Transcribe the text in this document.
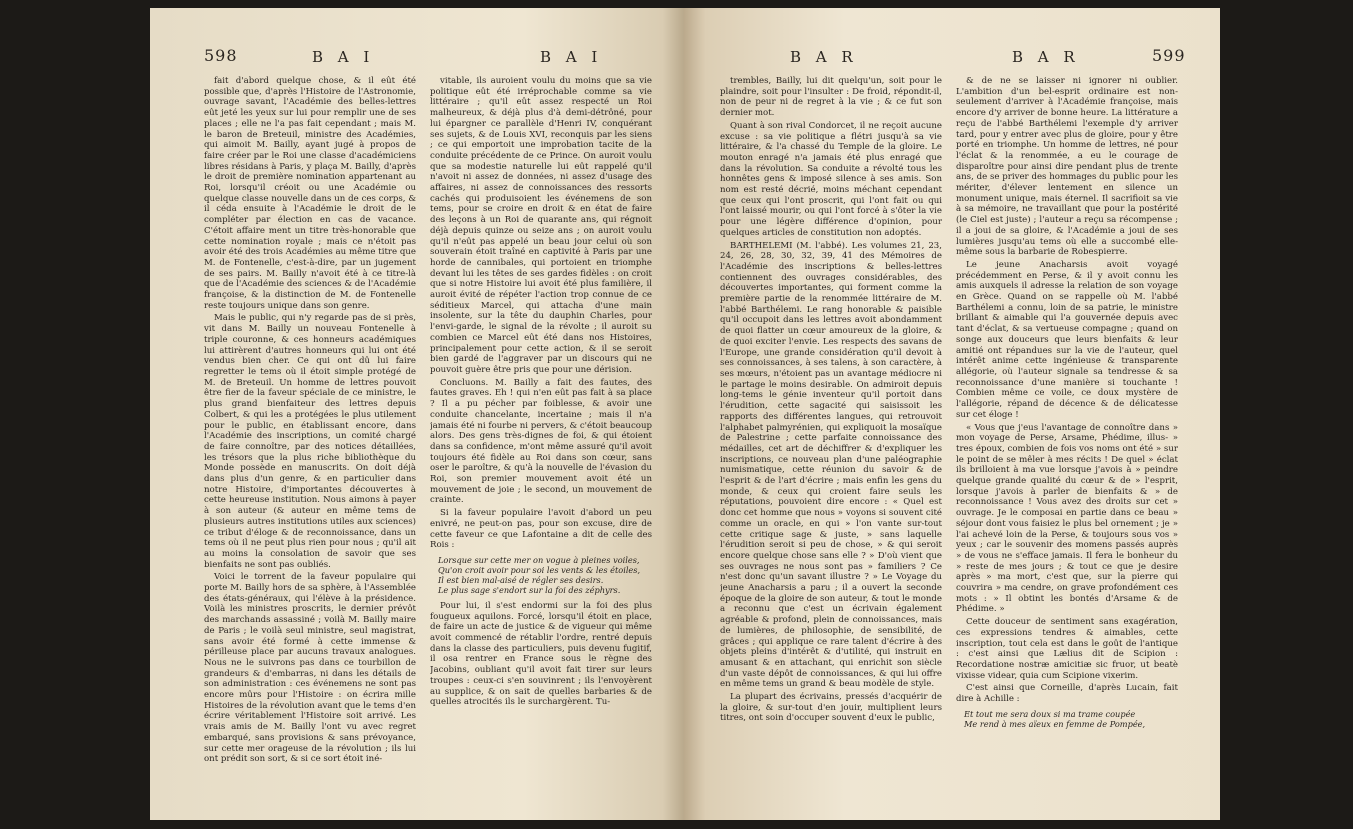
598	B A I	B A I

fait d'abord quelque chose, & il eût été possible que, d'après l'Histoire de l'Astronomie, ouvrage savant, l'Académie des belles-lettres eût jeté les yeux sur lui pour remplir une de ses places ; elle ne l'a pas fait cependant ; mais M. le baron de Breteuil, ministre des Académies, qui aimoit M. Bailly, ayant jugé à propos de faire créer par le Roi une classe d'académiciens libres résidans à Paris, y plaça M. Bailly, d'après le droit de première nomination appartenant au Roi, lorsqu'il créoit ou une Académie ou quelque classe nouvelle dans un de ces corps, & il céda ensuite à l'Académie le droit de le compléter par élection en cas de vacance. C'étoit affaire ment un titre très-honorable que cette nomination royale ; mais ce n'étoit pas avoir été des trois Académies au même titre que M. de Fontenelle, c'est-à-dire, par un jugement de ses pairs. M. Bailly n'avoit été à ce titre-là que de l'Académie des sciences & de l'Académie françoise, & la distinction de M. de Fontenelle reste toujours unique dans son genre.

Mais le public, qui n'y regarde pas de si près, vit dans M. Bailly un nouveau Fontenelle à triple couronne, & ces honneurs académiques lui attirèrent d'autres honneurs qui lui ont été vendus bien cher. Ce qui ont dû lui faire regretter le tems où il étoit simple protégé de M. de Breteuil. Un homme de lettres pouvoit être fier de la faveur spéciale de ce ministre, le plus grand bienfaiteur des lettres depuis Colbert, & qui les a protégées le plus utilement pour le public, en établissant encore, dans l'Académie des inscriptions, un comité chargé de faire connoître, par des notices détaillées, les trésors que la plus riche bibliothèque du Monde possède en manuscrits. On doit déjà dans plus d'un genre, & en particulier dans notre Histoire, d'importantes découvertes à cette heureuse institution. Nous aimons à payer à son auteur (& auteur en même tems de plusieurs autres institutions utiles aux sciences) ce tribut d'éloge & de reconnoissance, dans un tems où il ne peut plus rien pour nous ; qu'il ait au moins la consolation de savoir que ses bienfaits ne sont pas oubliés.

Voici le torrent de la faveur populaire qui porte M. Bailly hors de sa sphère, à l'Assemblée des états-généraux, qui l'élève à la présidence. Voilà les ministres proscrits, le dernier prévôt des marchands assassiné ; voilà M. Bailly maire de Paris ; le voilà seul ministre, seul magistrat, sans avoir été formé à cette immense & périlleuse place par aucuns travaux analogues. Nous ne le suivrons pas dans ce tourbillon de grandeurs & d'embarras, ni dans les détails de son administration : ces événemens ne sont pas encore mûrs pour l'Histoire : on écrira mille Histoires de la révolution avant que le tems d'en écrire véritablement l'Histoire soit arrivé. Les vrais amis de M. Bailly l'ont vu avec regret embarqué, sans provisions & sans prévoyance, sur cette mer orageuse de la révolution ; ils lui ont prédit son sort, & si ce sort étoit iné-

vitable, ils auroient voulu du moins que sa vie politique eût été irréprochable comme sa vie littéraire ; qu'il eût assez respecté un Roi malheureux, & déjà plus d'à demi-détrôné, pour lui épargner ce parallèle d'Henri IV, conquérant ses sujets, & de Louis XVI, reconquis par les siens ; ce qui emportoit une improbation tacite de la conduite précédente de ce Prince. On auroit voulu que sa modestie naturelle lui eût rappelé qu'il n'avoit ni assez de données, ni assez d'usage des affaires, ni assez de connoissances des ressorts cachés qui produisoient les événemens de son tems, pour se croire en droit & en état de faire des leçons à un Roi de quarante ans, qui régnoit déjà depuis quinze ou seize ans ; on auroit voulu qu'il n'eût pas appelé un beau jour celui où son souverain étoit traîné en captivité à Paris par une horde de cannibales, qui portoient en triomphe devant lui les têtes de ses gardes fidèles : on croit que si notre Histoire lui avoit été plus familière, il auroit évité de répéter l'action trop connue de ce séditieux Marcel, qui attacha d'une main insolente, sur la tête du dauphin Charles, pour l'envi-garde, le signal de la révolte ; il auroit su combien ce Marcel eût été dans nos Histoires, principalement pour cette action, & il se seroit bien gardé de l'aggraver par un discours qui ne pouvoit guère être pris que pour une dérision.

Concluons. M. Bailly a fait des fautes, des fautes graves. Eh ! qui n'en eût pas fait à sa place ? Il a pu pécher par foiblesse, & avoir une conduite chancelante, incertaine ; mais il n'a jamais été ni fourbe ni pervers, & c'étoit beaucoup alors. Des gens très-dignes de foi, & qui étoient dans sa confidence, m'ont même assuré qu'il avoit toujours été fidèle au Roi dans son cœur, sans oser le paroître, & qu'à la nouvelle de l'évasion du Roi, son premier mouvement avoit été un mouvement de joie ; le second, un mouvement de crainte.

Si la faveur populaire l'avoit d'abord un peu enivré, ne peut-on pas, pour son excuse, dire de cette faveur ce que Lafontaine a dit de celle des Rois :

Lorsque sur cette mer on vogue à pleines voiles,
Qu'on croit avoir pour soi les vents & les étoiles,
Il est bien mal-aisé de régler ses desirs.
Le plus sage s'endort sur la foi des zéphyrs.

Pour lui, il s'est endormi sur la foi des plus fougueux aquilons. Forcé, lorsqu'il étoit en place, de faire un acte de justice & de vigueur qui même avoit commencé de rétablir l'ordre, rentré depuis dans la classe des particuliers, puis devenu fugitif, il osa rentrer en France sous le règne des Jacobins, oubliant qu'il avoit fait tirer sur leurs troupes : ceux-ci s'en souvinrent ; ils l'envoyèrent au supplice, & on sait de quelles barbaries & de quelles atrocités ils le surchargèrent. Tu-

B A R	B A R	599

trembles, Bailly, lui dit quelqu'un, soit pour le plaindre, soit pour l'insulter : De froid, répondit-il, non de peur ni de regret à la vie ; & ce fut son dernier mot.

Quant à son rival Condorcet, il ne reçoit aucune excuse : sa vie politique a flétri jusqu'à sa vie littéraire, & l'a chassé du Temple de la gloire. Le mouton enragé n'a jamais été plus enragé que dans la révolution. Sa conduite a révolté tous les honnêtes gens & imposé silence à ses amis. Son nom est resté décrié, moins méchant cependant que ceux qui l'ont proscrit, qui l'ont fait ou qui l'ont laissé mourir, ou qui l'ont forcé à s'ôter la vie pour une légère différence d'opinion, pour quelques articles de constitution non adoptés.

BARTHELEMI (M. l'abbé). Les volumes 21, 23, 24, 26, 28, 30, 32, 39, 41 des Mémoires de l'Académie des inscriptions & belles-lettres contiennent des ouvrages considérables, des découvertes importantes, qui forment comme la première partie de la renommée littéraire de M. l'abbé Barthélemi. Le rang honorable & paisible qu'il occupoit dans les lettres avoit abondamment de quoi flatter un cœur amoureux de la gloire, & de quoi exciter l'envie. Les respects des savans de l'Europe, une grande considération qu'il devoit à ses connoissances, à ses talens, à son caractère, à ses mœurs, n'étoient pas un avantage médiocre ni le partage le moins desirable. On admiroit depuis long-tems le génie inventeur qu'il portoit dans l'érudition, cette sagacité qui saisissoit les rapports des différentes langues, qui retrouvoit l'alphabet palmyrénien, qui expliquoit la mosaïque de Palestrine ; cette parfaite connoissance des médailles, cet art de déchiffrer & d'expliquer les inscriptions, ce nouveau plan d'une paléographie numismatique, cette réunion du savoir & de l'esprit & de l'art d'écrire ; mais enfin les gens du monde, & ceux qui croient faire seuls les réputations, pouvoient dire encore : « Quel est donc cet homme que nous » voyons si souvent cité comme un oracle, en qui » l'on vante sur-tout cette critique sage & juste, » sans laquelle l'érudition seroit si peu de chose, » & qui seroit encore quelque chose sans elle ? » D'où vient que ses ouvrages ne nous sont pas » familiers ? Ce n'est donc qu'un savant illustre ? » Le Voyage du jeune Anacharsis a paru ; il a ouvert la seconde époque de la gloire de son auteur, & tout le monde a reconnu que c'est un écrivain également agréable & profond, plein de connoissances, mais de lumières, de philosophie, de sensibilité, de grâces ; qui applique ce rare talent d'écrire à des objets pleins d'intérêt & d'utilité, qui instruit en amusant & en attachant, qui enrichit son siècle d'un vaste dépôt de connoissances, & qui lui offre en même tems un grand & beau modèle de style.

La plupart des écrivains, pressés d'acquérir de la gloire, & sur-tout d'en jouir, multiplient leurs titres, ont soin d'occuper souvent d'eux le public,

& de ne se laisser ni ignorer ni oublier. L'ambition d'un bel-esprit ordinaire est non-seulement d'arriver à l'Académie françoise, mais encore d'y arriver de bonne heure. La littérature a reçu de l'abbé Barthélemi l'exemple d'y arriver tard, pour y entrer avec plus de gloire, pour y être porté en triomphe. Un homme de lettres, né pour l'éclat & la renommée, a eu le courage de disparoître pour ainsi dire pendant plus de trente ans, de se priver des hommages du public pour les mériter, d'élever lentement en silence un monument unique, mais éternel. Il sacrifioit sa vie à sa mémoire, ne travaillant que pour la postérité (le Ciel est juste) ; l'auteur a reçu sa récompense ; il a joui de sa gloire, & l'Académie a joui de ses lumières jusqu'au tems où elle a succombé elle-même sous la barbarie de Robespierre.

Le jeune Anacharsis avoit voyagé précédemment en Perse, & il y avoit connu les amis auxquels il adresse la relation de son voyage en Grèce. Quand on se rappelle où M. l'abbé Barthélemi a connu, loin de sa patrie, le ministre brillant & aimable qui l'a gouvernée depuis avec tant d'éclat, & sa vertueuse compagne ; quand on songe aux douceurs que leurs bienfaits & leur amitié ont répandues sur la vie de l'auteur, quel intérêt anime cette ingénieuse & transparente allégorie, où l'auteur signale sa tendresse & sa reconnoissance d'une manière si touchante ! Combien même ce voile, ce doux mystère de l'allégorie, répand de décence & de délicatesse sur cet éloge !

« Vous que j'eus l'avantage de connoître dans » mon voyage de Perse, Arsame, Phédime, illus- » tres époux, combien de fois vos noms ont été » sur le point de se mêler à mes récits ! De quel » éclat ils brilloient à ma vue lorsque j'avois à » peindre quelque grande qualité du cœur & de » l'esprit, lorsque j'avois à parler de bienfaits & » de reconnoissance ! Vous avez des droits sur cet » ouvrage. Je le composai en partie dans ce beau » séjour dont vous faisiez le plus bel ornement ; je » l'ai achevé loin de la Perse, & toujours sous vos » yeux ; car le souvenir des momens passés auprès » de vous ne s'efface jamais. Il fera le bonheur du » reste de mes jours ; & tout ce que je desire après » ma mort, c'est que, sur la pierre qui couvrira » ma cendre, on grave profondément ces mots : » Il obtint les bontés d'Arsame & de Phédime. »

Cette douceur de sentiment sans exagération, ces expressions tendres & aimables, cette inscription, tout cela est dans le goût de l'antique : c'est ainsi que Lælius dit de Scipion : Recordatione nostræ amicitiæ sic fruor, ut beatè vixisse videar, quia cum Scipione vixerim.

C'est ainsi que Corneille, d'après Lucain, fait dire à Achille :

Et tout me sera doux si ma trame coupée
Me rend à mes aïeux en femme de Pompée,
